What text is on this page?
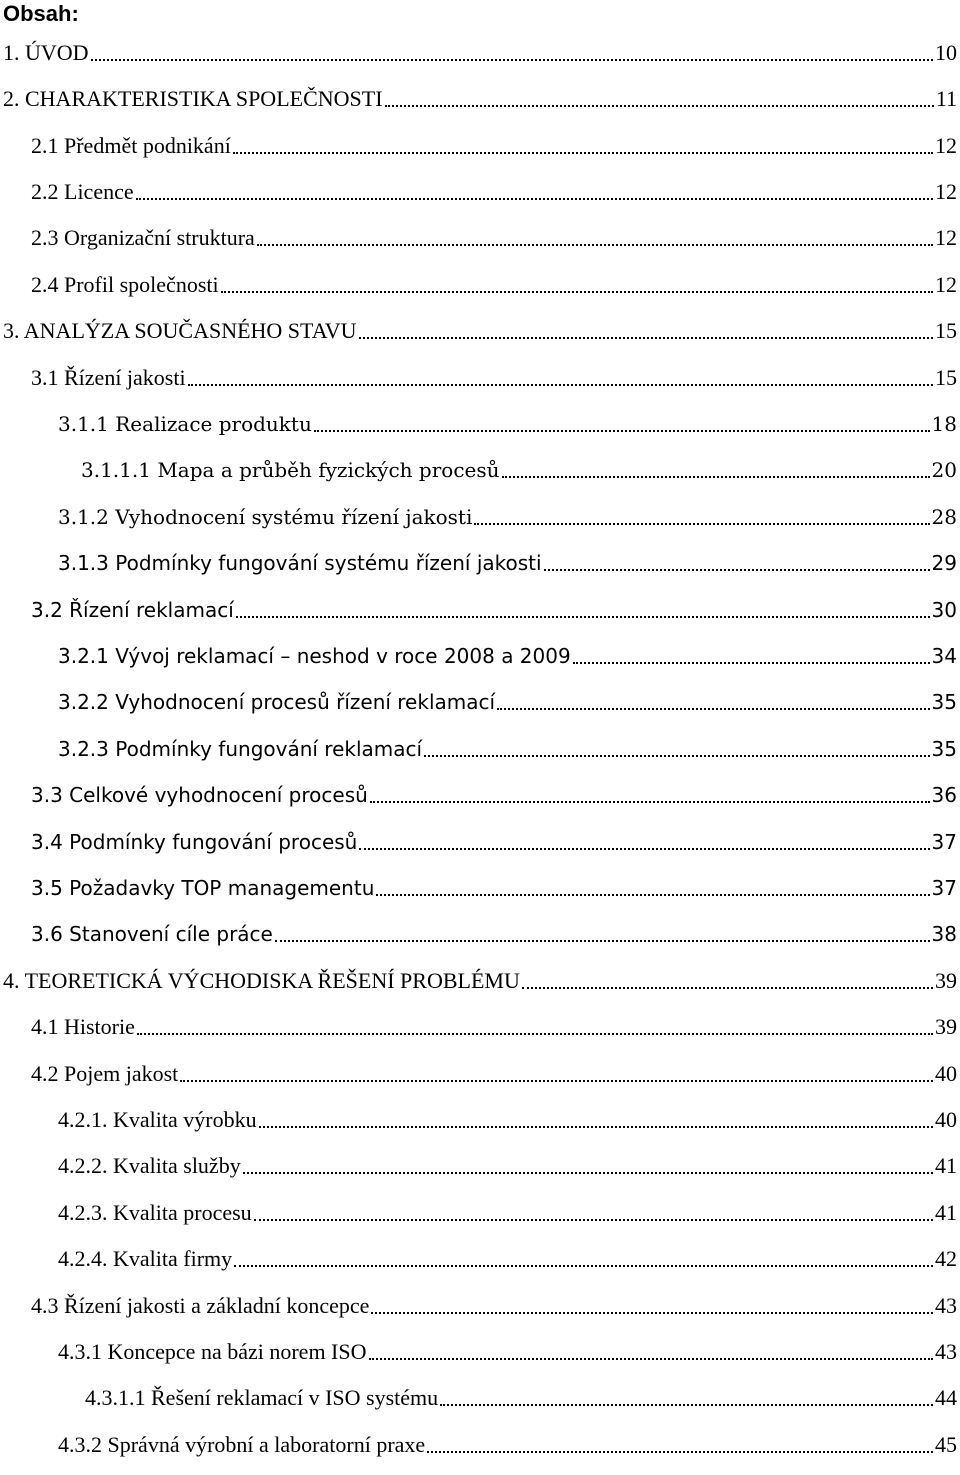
Obsah:
1. ÚVOD	10
2. CHARAKTERISTIKA SPOLEČNOSTI	11
2.1 Předmět podnikání	12
2.2 Licence	12
2.3 Organizační struktura	12
2.4 Profil společnosti	12
3. ANALÝZA SOUČASNÉHO STAVU	15
3.1 Řízení jakosti	15
3.1.1 Realizace produktu	18
3.1.1.1 Mapa a průběh fyzických procesů	20
3.1.2 Vyhodnocení systému řízení jakosti	28
3.1.3 Podmínky fungování systému řízení jakosti	29
3.2 Řízení reklamací	30
3.2.1 Vývoj reklamací – neshod v roce 2008 a 2009	34
3.2.2 Vyhodnocení procesů řízení reklamací	35
3.2.3 Podmínky fungování reklamací	35
3.3 Celkové vyhodnocení procesů	36
3.4 Podmínky fungování procesů	37
3.5 Požadavky TOP managementu	37
3.6 Stanovení cíle práce	38
4. TEORETICKÁ VÝCHODISKA ŘEŠENÍ PROBLÉMU	39
4.1 Historie	39
4.2 Pojem jakost	40
4.2.1. Kvalita výrobku	40
4.2.2. Kvalita služby	41
4.2.3. Kvalita procesu	41
4.2.4. Kvalita firmy	42
4.3 Řízení jakosti a základní koncepce	43
4.3.1 Koncepce na bázi norem ISO	43
4.3.1.1 Řešení reklamací v ISO systému	44
4.3.2 Správná výrobní a laboratorní praxe	45
